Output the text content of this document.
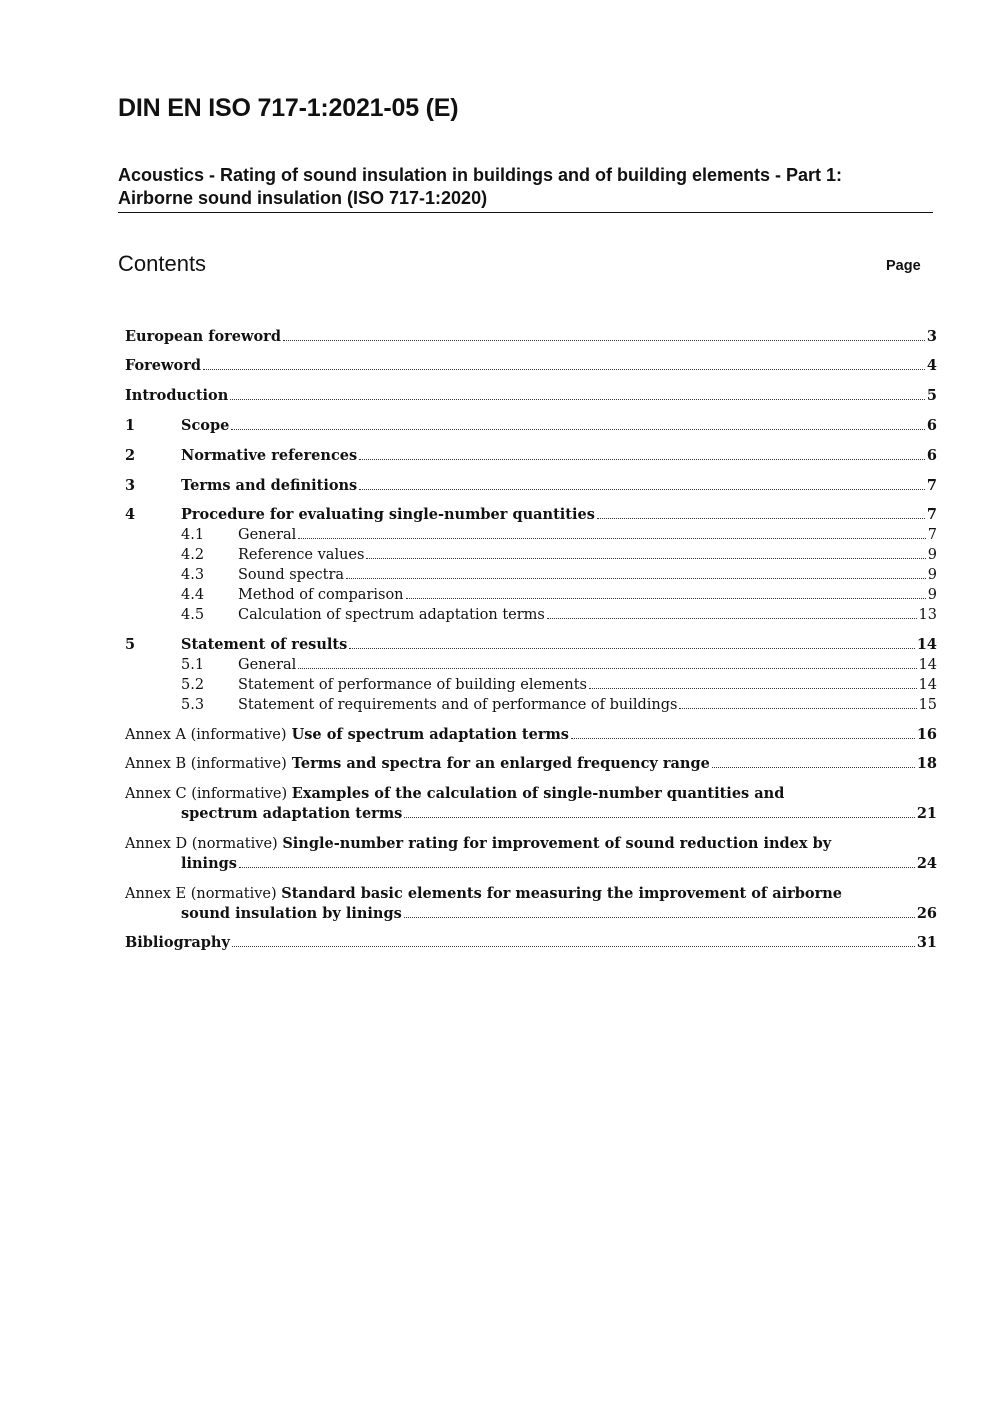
DIN EN ISO 717-1:2021-05 (E)
Acoustics - Rating of sound insulation in buildings and of building elements - Part 1:
Airborne sound insulation (ISO 717-1:2020)
Contents	Page
European foreword	3
Foreword	4
Introduction	5
1	Scope	6
2	Normative references	6
3	Terms and definitions	7
4	Procedure for evaluating single-number quantities	7
4.1 General	7
4.2 Reference values	9
4.3 Sound spectra	9
4.4 Method of comparison	9
4.5 Calculation of spectrum adaptation terms	13
5	Statement of results	14
5.1 General	14
5.2 Statement of performance of building elements	14
5.3 Statement of requirements and of performance of buildings	15
Annex A (informative) Use of spectrum adaptation terms	16
Annex B (informative) Terms and spectra for an enlarged frequency range	18
Annex C (informative) Examples of the calculation of single-number quantities and
spectrum adaptation terms	21
Annex D (normative) Single-number rating for improvement of sound reduction index by
linings	24
Annex E (normative) Standard basic elements for measuring the improvement of airborne
sound insulation by linings	26
Bibliography	31
